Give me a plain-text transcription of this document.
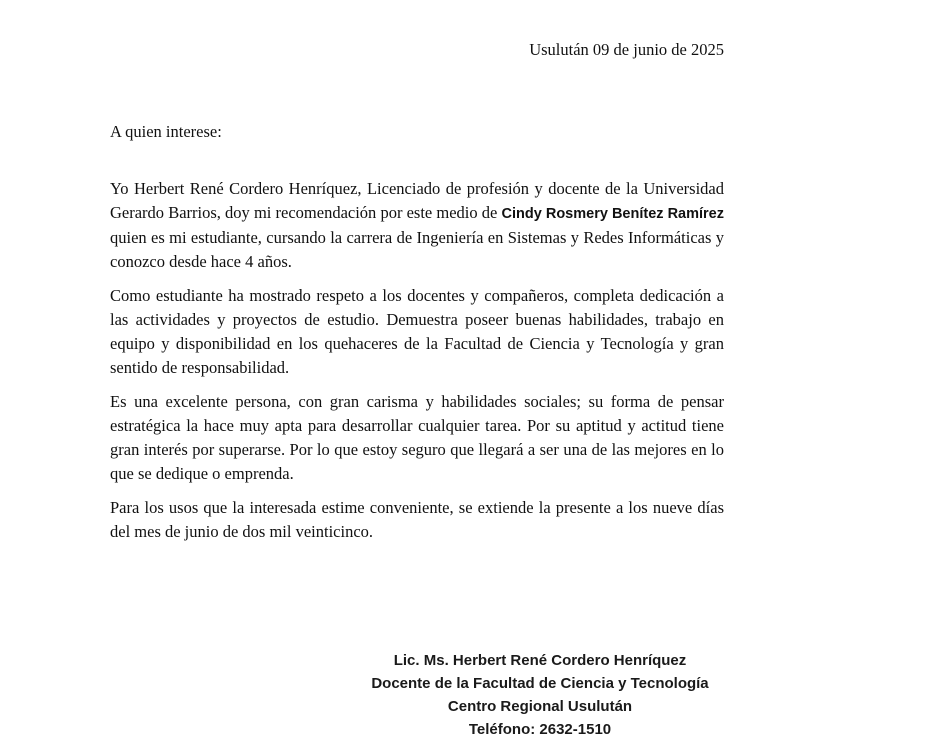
Usulután 09 de junio de 2025
A quien interese:

Yo Herbert René Cordero Henríquez, Licenciado de profesión y docente de la Universidad Gerardo Barrios, doy mi recomendación por este medio de Cindy Rosmery Benítez Ramírez quien es mi estudiante, cursando la carrera de Ingeniería en Sistemas y Redes Informáticas y conozco desde hace 4 años.

Como estudiante ha mostrado respeto a los docentes y compañeros, completa dedicación a las actividades y proyectos de estudio. Demuestra poseer buenas habilidades, trabajo en equipo y disponibilidad en los quehaceres de la Facultad de Ciencia y Tecnología y gran sentido de responsabilidad.

Es una excelente persona, con gran carisma y habilidades sociales; su forma de pensar estratégica la hace muy apta para desarrollar cualquier tarea. Por su aptitud y actitud tiene gran interés por superarse. Por lo que estoy seguro que llegará a ser una de las mejores en lo que se dedique o emprenda.

Para los usos que la interesada estime conveniente, se extiende la presente a los nueve días del mes de junio de dos mil veinticinco.

Lic. Ms. Herbert René Cordero Henríquez
Docente de la Facultad de Ciencia y Tecnología
Centro Regional Usulután
Teléfono: 2632-1510
